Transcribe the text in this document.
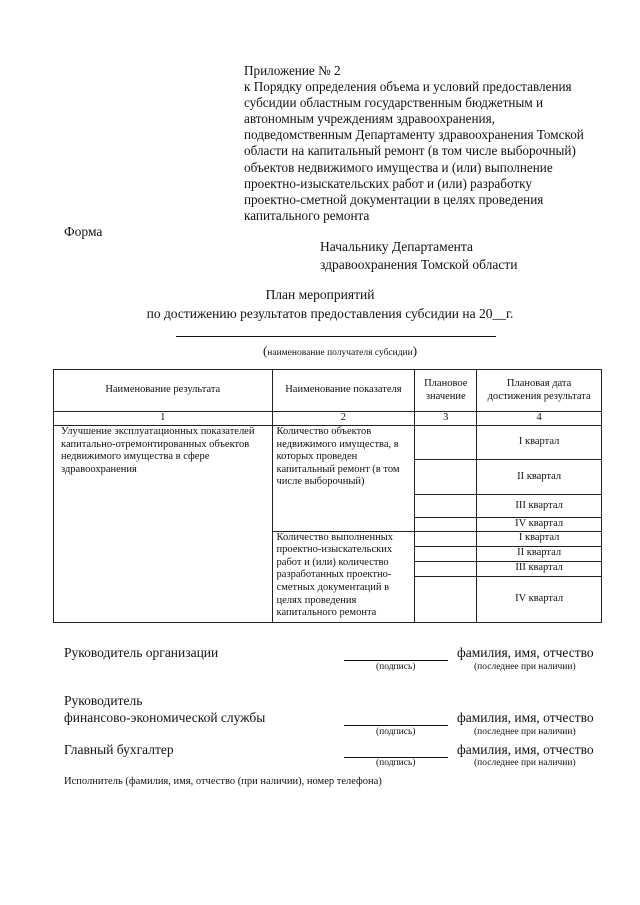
Приложение № 2
к Порядку определения объема и условий предоставления
субсидии областным государственным бюджетным и
автономным учреждениям здравоохранения,
подведомственным Департаменту здравоохранения Томской
области на капитальный ремонт (в том числе выборочный)
объектов недвижимого имущества и (или) выполнение
проектно-изыскательских работ и (или) разработку
проектно-сметной документации в целях проведения
капитального ремонта
Форма
Начальнику Департамента
здравоохранения Томской области
План мероприятий
по достижению результатов предоставления субсидии на 20__г.
(наименование получателя субсидии)
Наименование результата	Наименование показателя	Плановое значение	Плановая дата достижения результата
1	2	3	4
Улучшение эксплуатационных показателей капитально-отремонтированных объектов недвижимого имущества в сфере здравоохранения	Количество объектов недвижимого имущества, в которых проведен капитальный ремонт (в том числе выборочный)		I квартал
			II квартал
			III квартал
			IV квартал
	Количество выполненных проектно-изыскательских работ и (или) количество разработанных проектно-сметных документаций в целях проведения капитального ремонта		I квартал
			II квартал
			III квартал
			IV квартал
Руководитель организации	фамилия, имя, отчество
(подпись)	(последнее при наличии)
Руководитель
финансово-экономической службы	фамилия, имя, отчество
(подпись)	(последнее при наличии)
Главный бухгалтер	фамилия, имя, отчество
(подпись)	(последнее при наличии)
Исполнитель (фамилия, имя, отчество (при наличии), номер телефона)
